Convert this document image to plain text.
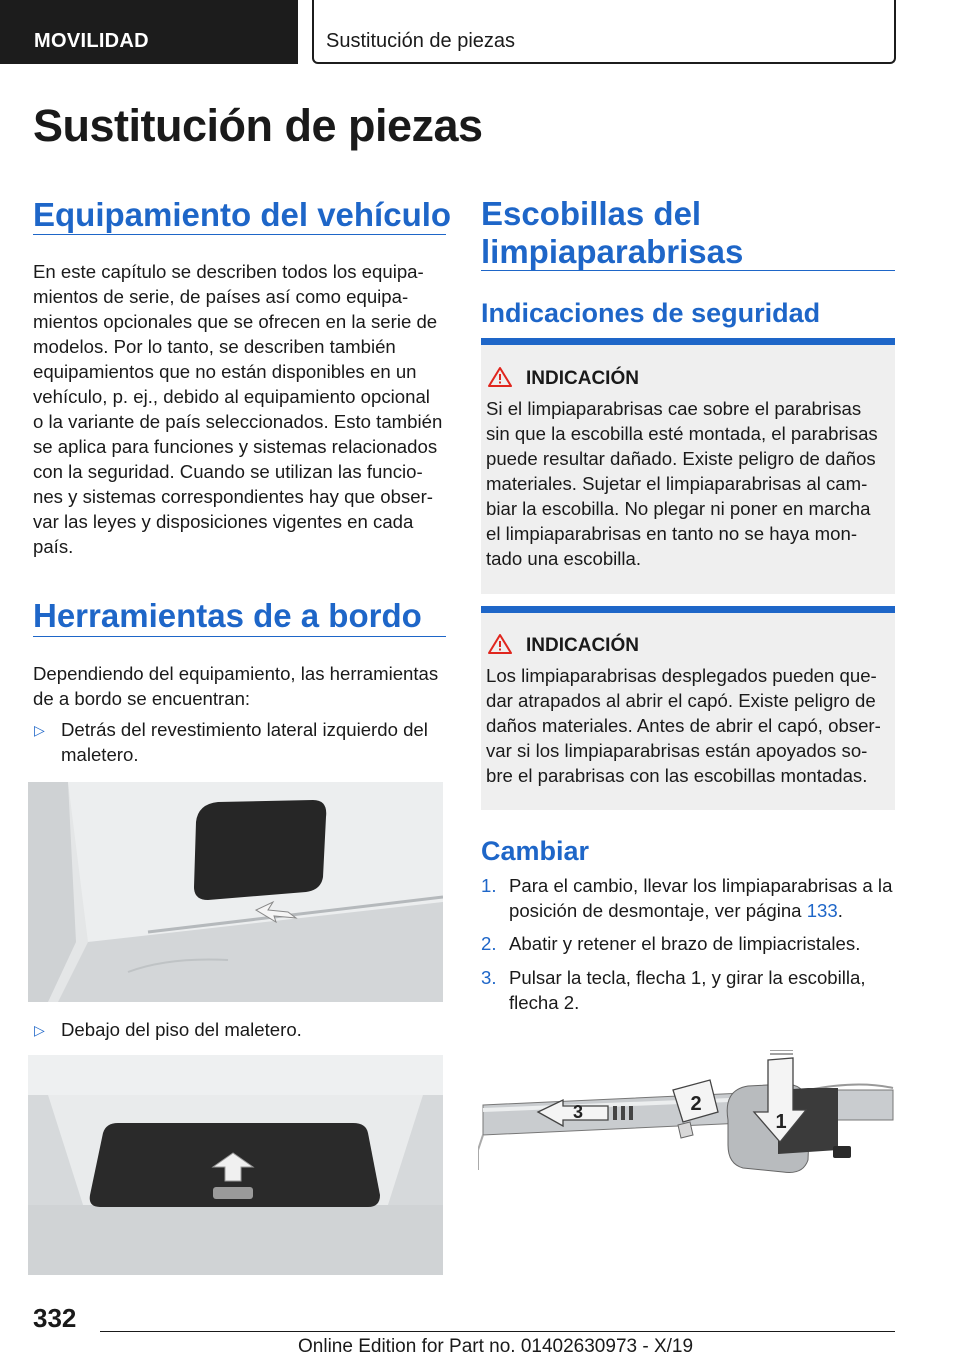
MOVILIDAD	Sustitución de piezas
Sustitución de piezas
Equipamiento del vehículo
En este capítulo se describen todos los equipa-
mientos de serie, de países así como equipa-
mientos opcionales que se ofrecen en la serie de
modelos. Por lo tanto, se describen también
equipamientos que no están disponibles en un
vehículo, p. ej., debido al equipamiento opcional
o la variante de país seleccionados. Esto también
se aplica para funciones y sistemas relacionados
con la seguridad. Cuando se utilizan las funcio-
nes y sistemas correspondientes hay que obser-
var las leyes y disposiciones vigentes en cada
país.
Herramientas de a bordo
Dependiendo del equipamiento, las herramientas
de a bordo se encuentran:
▷ Detrás del revestimiento lateral izquierdo del
maletero.
▷ Debajo del piso del maletero.
Escobillas del
limpiaparabrisas
Indicaciones de seguridad
INDICACIÓN
Si el limpiaparabrisas cae sobre el parabrisas
sin que la escobilla esté montada, el parabrisas
puede resultar dañado. Existe peligro de daños
materiales. Sujetar el limpiaparabrisas al cam-
biar la escobilla. No plegar ni poner en marcha
el limpiaparabrisas en tanto no se haya mon-
tado una escobilla.
INDICACIÓN
Los limpiaparabrisas desplegados pueden que-
dar atrapados al abrir el capó. Existe peligro de
daños materiales. Antes de abrir el capó, obser-
var si los limpiaparabrisas están apoyados so-
bre el parabrisas con las escobillas montadas.
Cambiar
1. Para el cambio, llevar los limpiaparabrisas a la
posición de desmontaje, ver página 133.
2. Abatir y retener el brazo de limpiacristales.
3. Pulsar la tecla, flecha 1, y girar la escobilla,
flecha 2.
1
2
3
332
Online Edition for Part no. 01402630973 - X/19
